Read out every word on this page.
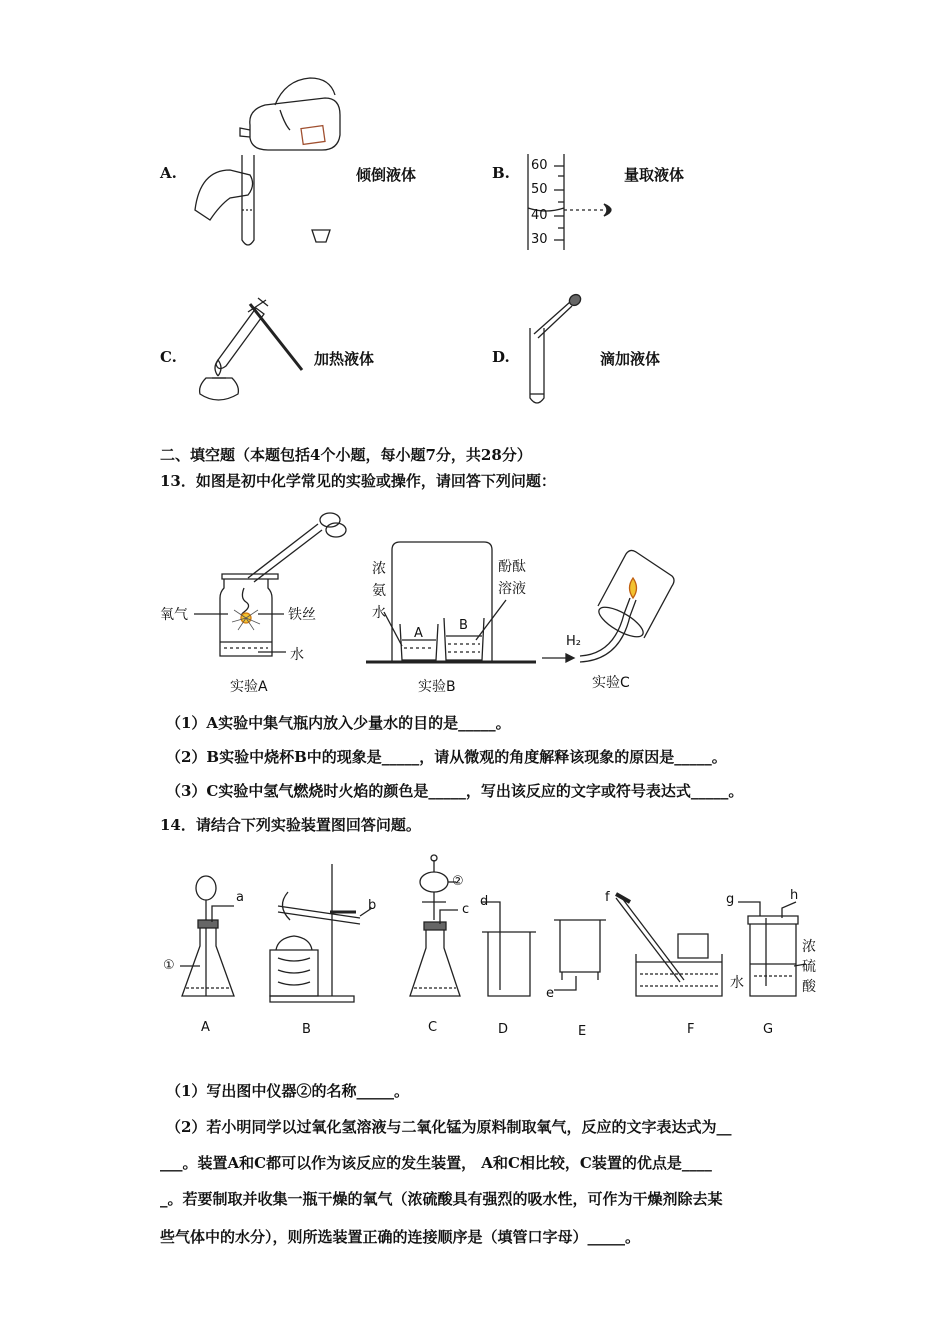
A.	倾倒液体	B. 60
50
40
30
量取液体
C.	加热液体	D.	滴加液体
二、填空题（本题包括4个小题，每小题7分，共28分）
13．如图是初中化学常见的实验或操作，请回答下列问题：
氧气	铁丝
水
实验A
浓
氨
水
酚酞
溶液
A
B
实验B
H₂
实验C
（1）A实验中集气瓶内放入少量水的目的是_____。
（2）B实验中烧杯B中的现象是_____，请从微观的角度解释该现象的原因是_____。
（3）C实验中氢气燃烧时火焰的颜色是_____，写出该反应的文字或符号表达式_____。
14．请结合下列实验装置图回答问题。
①
②
a
b	c
d
e
f	g	h
水
浓
硫
酸
A	B	C	D	E	F	G
（1）写出图中仪器②的名称_____。
（2）若小明同学以过氧化氢溶液与二氧化锰为原料制取氧气，反应的文字表达式为__
___。装置A和C都可以作为该反应的发生装置， A和C相比较，C装置的优点是____
_。若要制取并收集一瓶干燥的氧气（浓硫酸具有强烈的吸水性，可作为干燥剂除去某
些气体中的水分），则所选装置正确的连接顺序是（填管口字母）_____。
